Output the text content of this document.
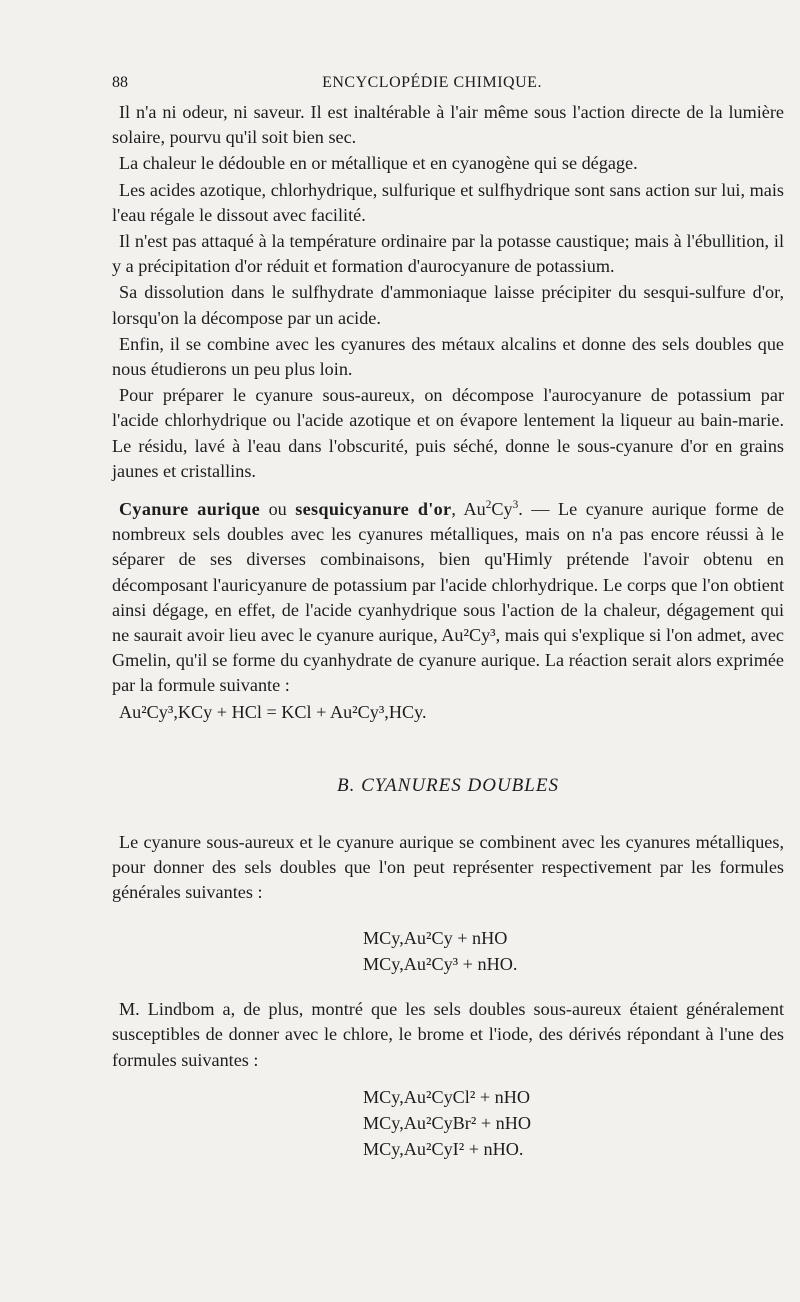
88	ENCYCLOPÉDIE CHIMIQUE.

Il n'a ni odeur, ni saveur. Il est inaltérable à l'air même sous l'action directe de la lumière solaire, pourvu qu'il soit bien sec.

La chaleur le dédouble en or métallique et en cyanogène qui se dégage.

Les acides azotique, chlorhydrique, sulfurique et sulfhydrique sont sans action sur lui, mais l'eau régale le dissout avec facilité.

Il n'est pas attaqué à la température ordinaire par la potasse caustique; mais à l'ébullition, il y a précipitation d'or réduit et formation d'aurocyanure de potassium.

Sa dissolution dans le sulfhydrate d'ammoniaque laisse précipiter du sesqui-sulfure d'or, lorsqu'on la décompose par un acide.

Enfin, il se combine avec les cyanures des métaux alcalins et donne des sels doubles que nous étudierons un peu plus loin.

Pour préparer le cyanure sous-aureux, on décompose l'aurocyanure de potassium par l'acide chlorhydrique ou l'acide azotique et on évapore lentement la liqueur au bain-marie. Le résidu, lavé à l'eau dans l'obscurité, puis séché, donne le sous-cyanure d'or en grains jaunes et cristallins.

Cyanure aurique ou sesquicyanure d'or, Au$^2$Cy$^3$. — Le cyanure aurique forme de nombreux sels doubles avec les cyanures métalliques, mais on n'a pas encore réussi à le séparer de ses diverses combinaisons, bien qu'Himly prétende l'avoir obtenu en décomposant l'auricyanure de potassium par l'acide chlorhydrique. Le corps que l'on obtient ainsi dégage, en effet, de l'acide cyanhydrique sous l'action de la chaleur, dégagement qui ne saurait avoir lieu avec le cyanure aurique, Au²Cy³, mais qui s'explique si l'on admet, avec Gmelin, qu'il se forme du cyanhydrate de cyanure aurique. La réaction serait alors exprimée par la formule suivante :

Au²Cy³,KCy + HCl = KCl + Au²Cy³,HCy.

B. CYANURES DOUBLES

Le cyanure sous-aureux et le cyanure aurique se combinent avec les cyanures métalliques, pour donner des sels doubles que l'on peut représenter respectivement par les formules générales suivantes :

MCy,Au²Cy + nHO

MCy,Au²Cy³ + nHO.

M. Lindbom a, de plus, montré que les sels doubles sous-aureux étaient généralement susceptibles de donner avec le chlore, le brome et l'iode, des dérivés répondant à l'une des formules suivantes :

MCy,Au²CyCl² + nHO

MCy,Au²CyBr² + nHO

MCy,Au²CyI² + nHO.
